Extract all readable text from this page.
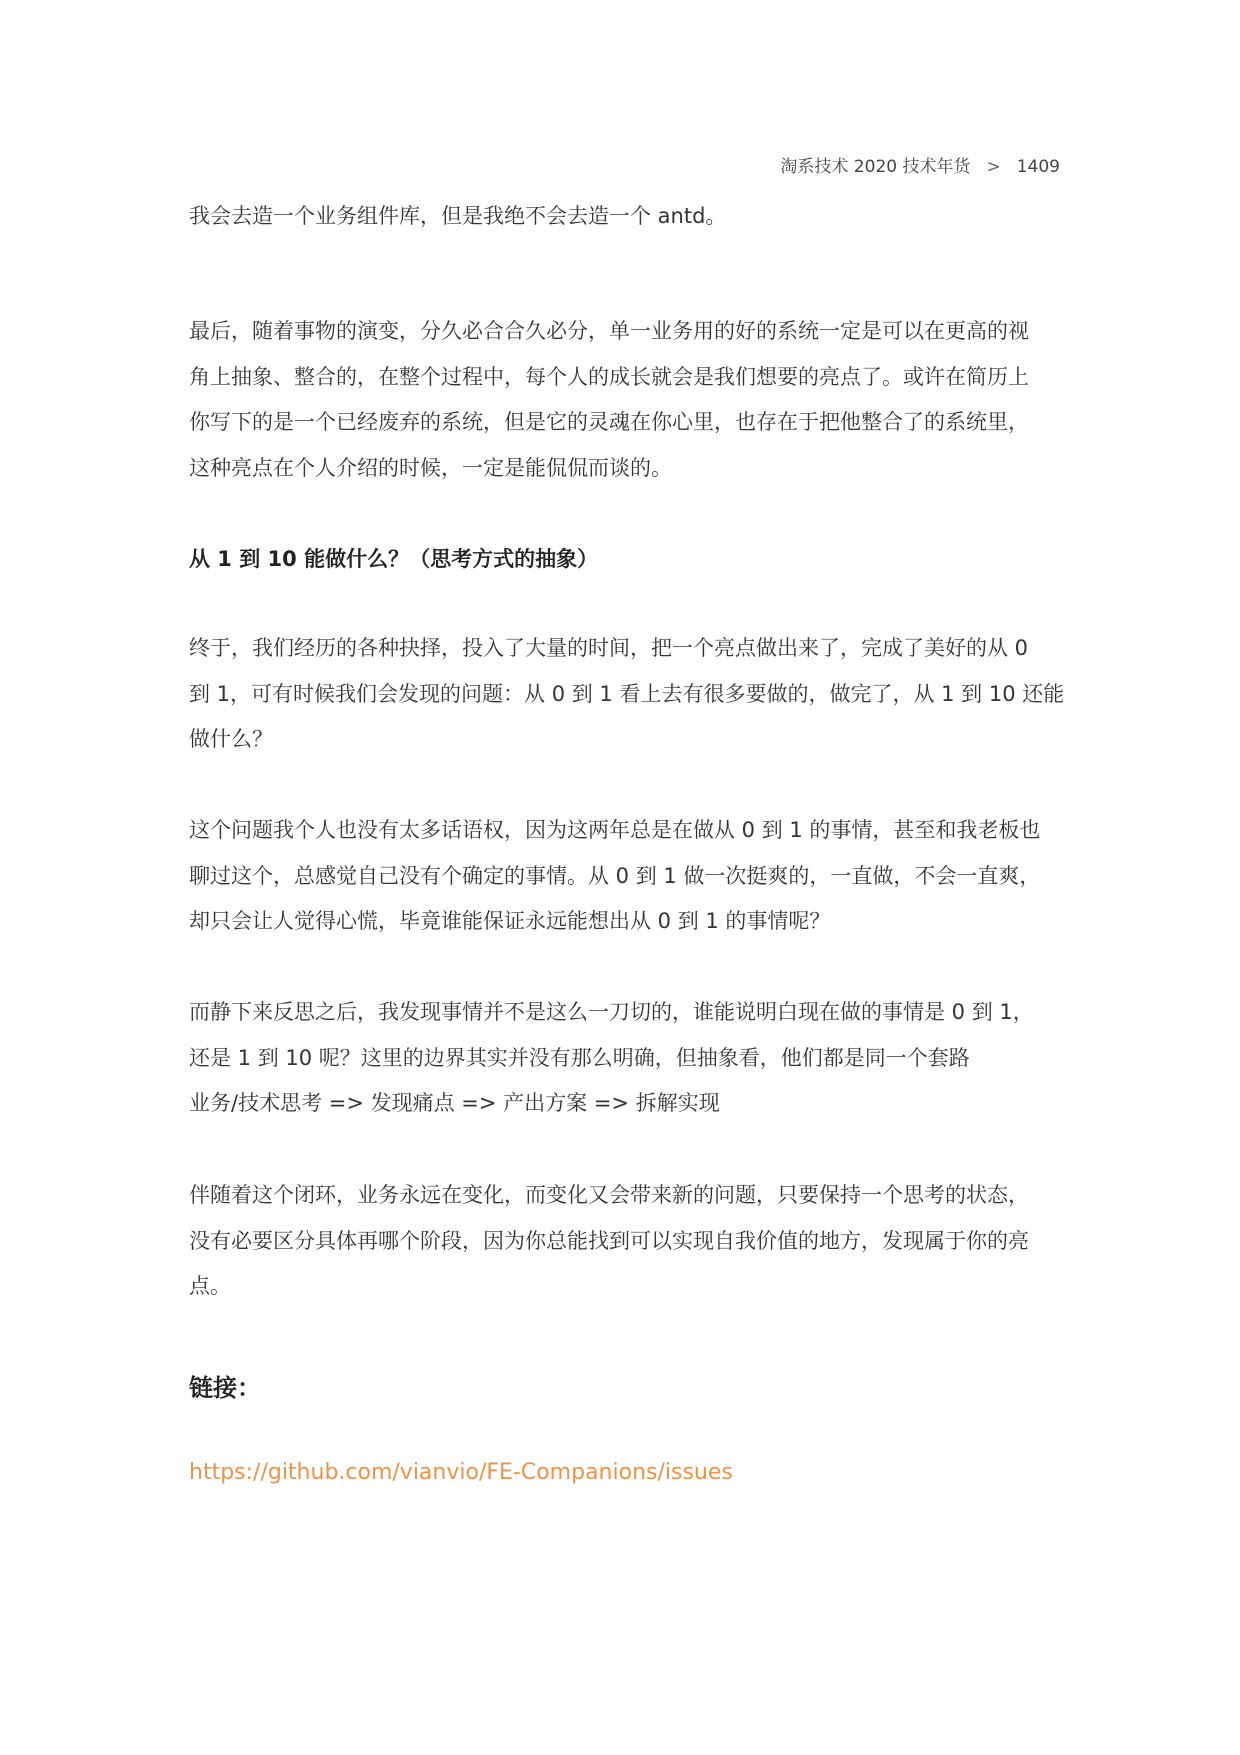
淘系技术 2020 技术年货 > 1409

我会去造一个业务组件库，但是我绝不会去造一个 antd。

最后，随着事物的演变，分久必合合久必分，单一业务用的好的系统一定是可以在更高的视
角上抽象、整合的，在整个过程中，每个人的成长就会是我们想要的亮点了。或许在简历上
你写下的是一个已经废弃的系统，但是它的灵魂在你心里，也存在于把他整合了的系统里，
这种亮点在个人介绍的时候，一定是能侃侃而谈的。

从 1 到 10 能做什么？（思考方式的抽象）

终于，我们经历的各种抉择，投入了大量的时间，把一个亮点做出来了，完成了美好的从 0
到 1，可有时候我们会发现的问题：从 0 到 1 看上去有很多要做的，做完了，从 1 到 10 还能
做什么？

这个问题我个人也没有太多话语权，因为这两年总是在做从 0 到 1 的事情，甚至和我老板也
聊过这个，总感觉自己没有个确定的事情。从 0 到 1 做一次挺爽的，一直做，不会一直爽，
却只会让人觉得心慌，毕竟谁能保证永远能想出从 0 到 1 的事情呢？

而静下来反思之后，我发现事情并不是这么一刀切的，谁能说明白现在做的事情是 0 到 1，
还是 1 到 10 呢？这里的边界其实并没有那么明确，但抽象看，他们都是同一个套路
业务/技术思考 => 发现痛点 => 产出方案 => 拆解实现

伴随着这个闭环，业务永远在变化，而变化又会带来新的问题，只要保持一个思考的状态，
没有必要区分具体再哪个阶段，因为你总能找到可以实现自我价值的地方，发现属于你的亮
点。

链接：
https://github.com/vianvio/FE-Companions/issues
